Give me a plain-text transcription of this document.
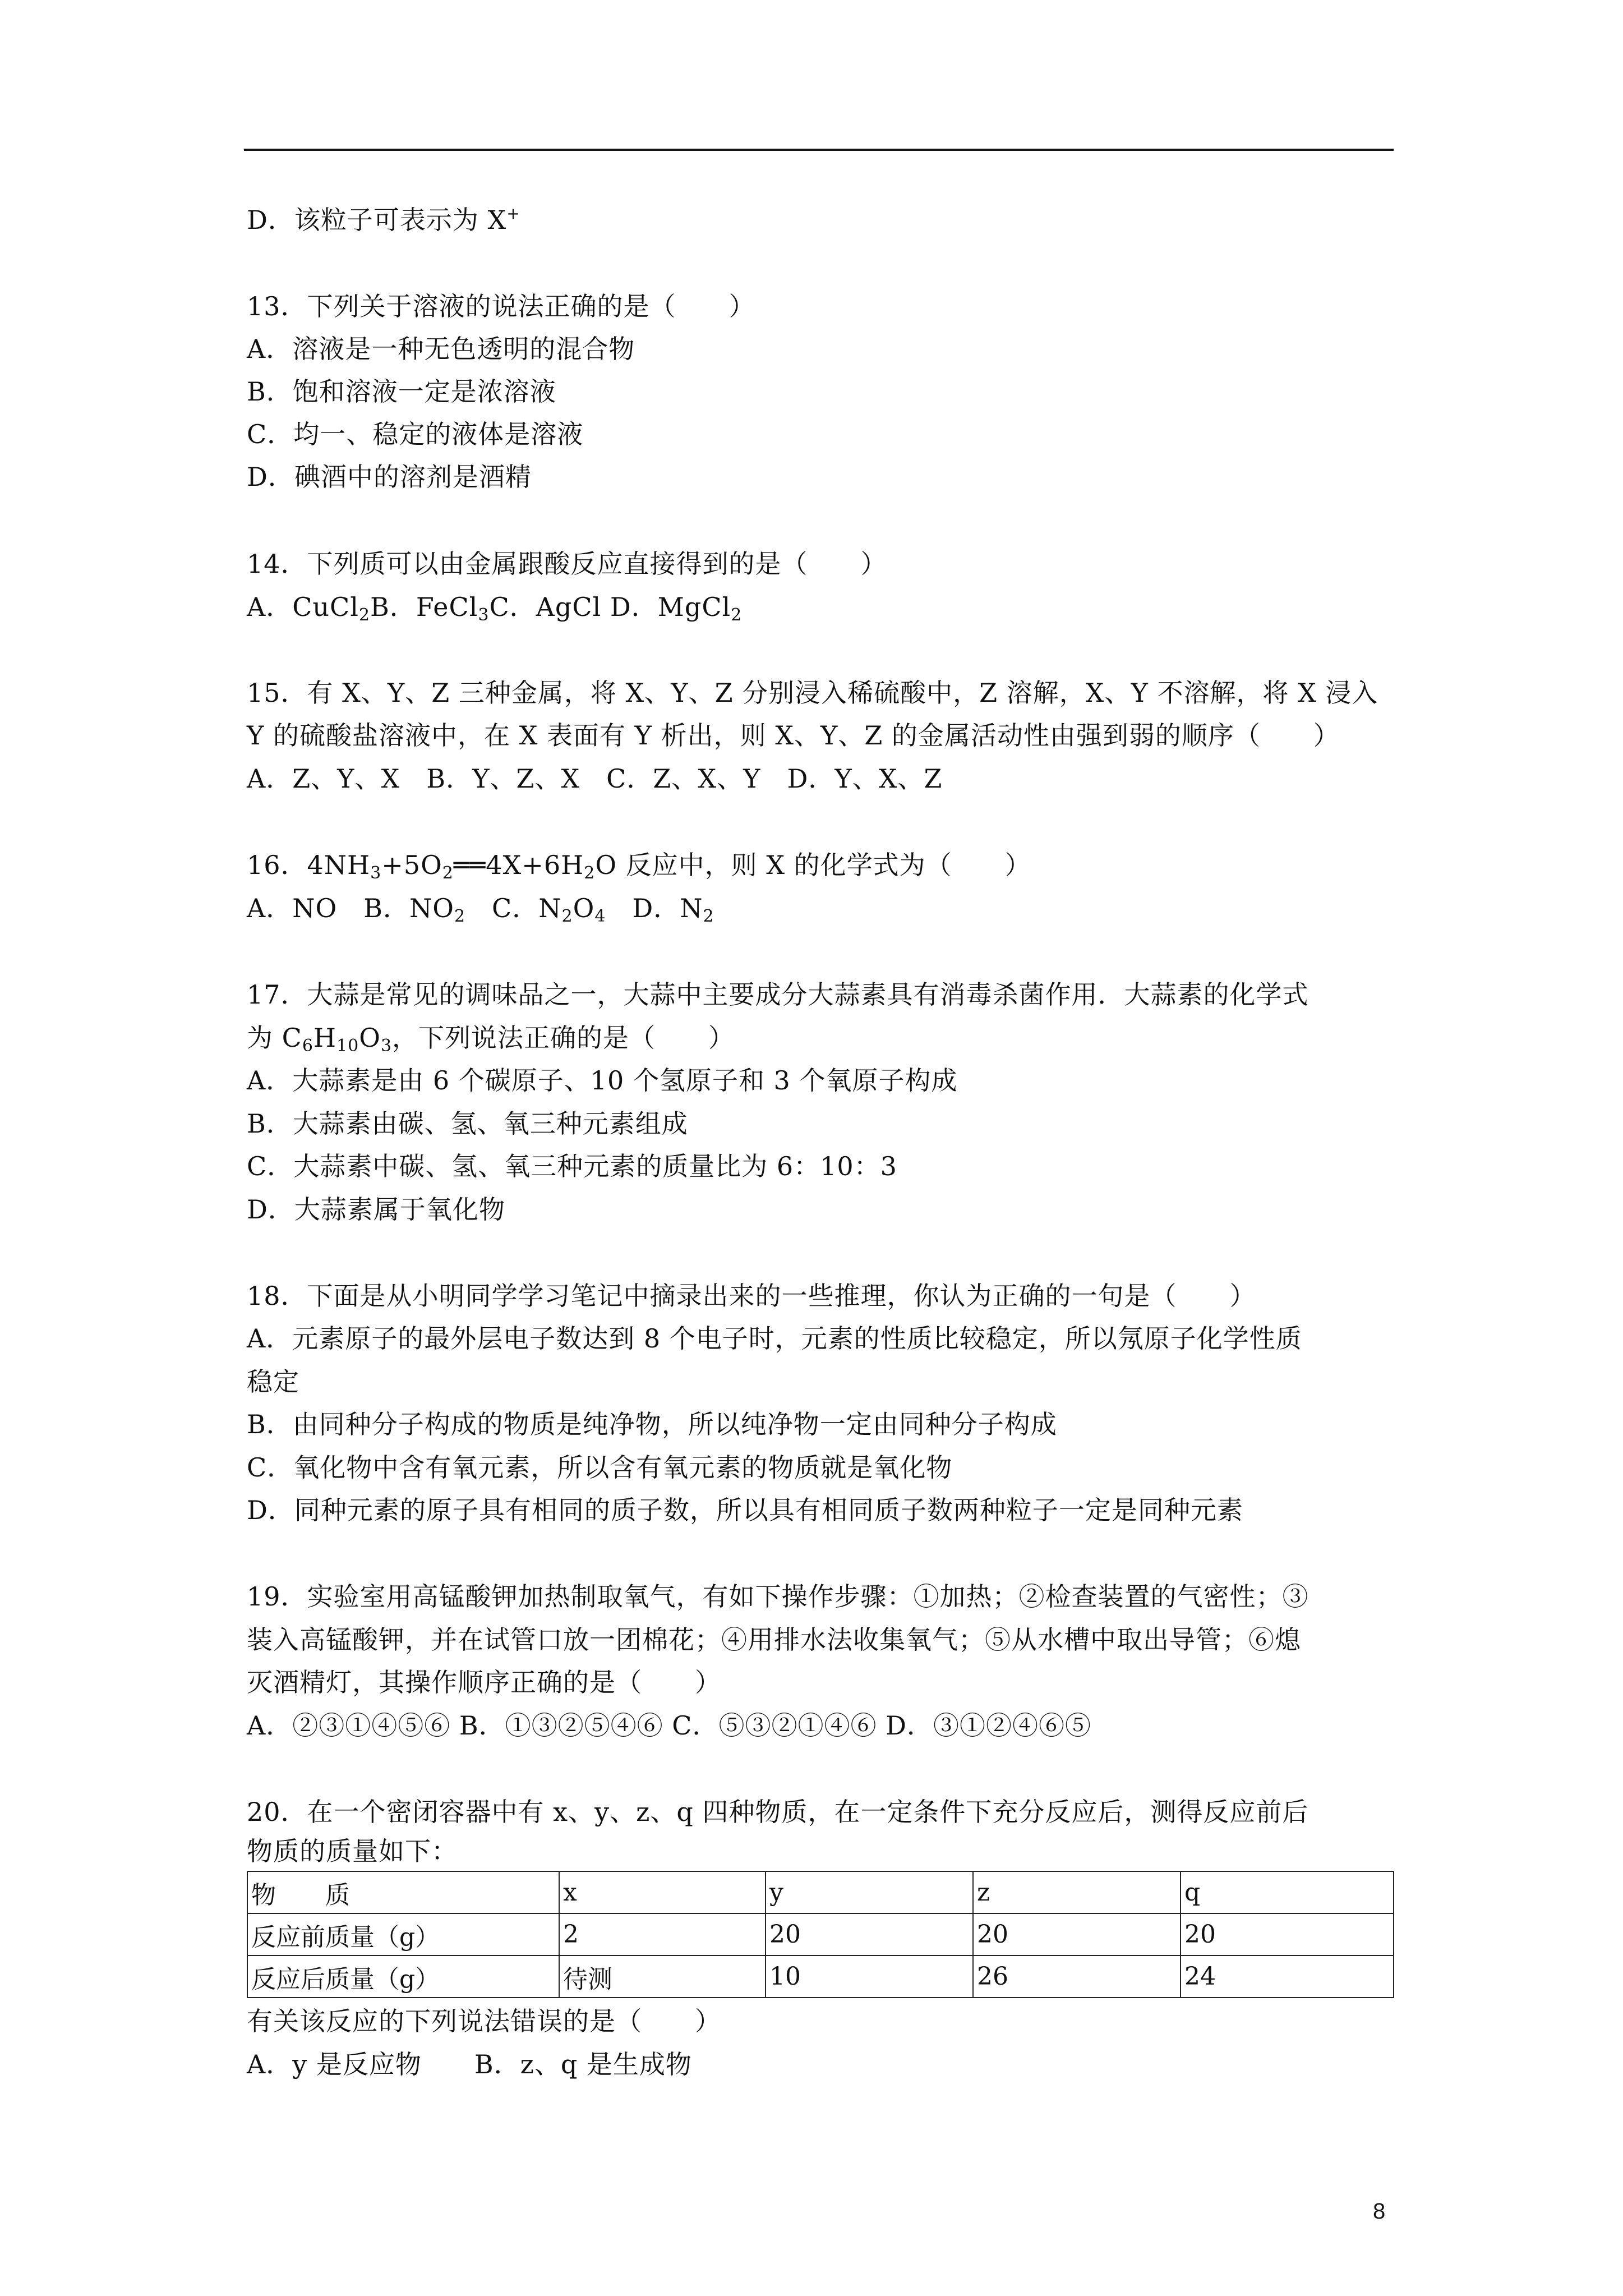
D．该粒子可表示为 X+
13．下列关于溶液的说法正确的是（　　）
A．溶液是一种无色透明的混合物
B．饱和溶液一定是浓溶液
C．均一、稳定的液体是溶液
D．碘酒中的溶剂是酒精
14．下列质可以由金属跟酸反应直接得到的是（　　）
A．CuCl$_2$B．FeCl$_3$C．AgCl D．MgCl$_2$
15．有 X、Y、Z 三种金属，将 X、Y、Z 分别浸入稀硫酸中，Z 溶解，X、Y 不溶解，将 X 浸入
Y 的硫酸盐溶液中，在 X 表面有 Y 析出，则 X、Y、Z 的金属活动性由强到弱的顺序（　　）
A．Z、Y、X　B．Y、Z、X　C．Z、X、Y　D．Y、X、Z
16．$4NH_3+5O_2══4X+6H_2O$ 反应中，则 X 的化学式为（　　）
A．NO　B．$NO_2$　C．$N_2O_4$　D．$N_2$
17．大蒜是常见的调味品之一，大蒜中主要成分大蒜素具有消毒杀菌作用．大蒜素的化学式
为 $C_6H_{10}O_3$，下列说法正确的是（　　）
A．大蒜素是由 6 个碳原子、10 个氢原子和 3 个氧原子构成
B．大蒜素由碳、氢、氧三种元素组成
C．大蒜素中碳、氢、氧三种元素的质量比为 6：10：3
D．大蒜素属于氧化物
18．下面是从小明同学学习笔记中摘录出来的一些推理，你认为正确的一句是（　　）
A．元素原子的最外层电子数达到 8 个电子时，元素的性质比较稳定，所以氖原子化学性质
稳定
B．由同种分子构成的物质是纯净物，所以纯净物一定由同种分子构成
C．氧化物中含有氧元素，所以含有氧元素的物质就是氧化物
D．同种元素的原子具有相同的质子数，所以具有相同质子数两种粒子一定是同种元素
19．实验室用高锰酸钾加热制取氧气，有如下操作步骤：①加热；②检查装置的气密性；③
装入高锰酸钾，并在试管口放一团棉花；④用排水法收集氧气；⑤从水槽中取出导管；⑥熄
灭酒精灯，其操作顺序正确的是（　　）
A．②③①④⑤⑥ B．①③②⑤④⑥ C．⑤③②①④⑥ D．③①②④⑥⑤
20．在一个密闭容器中有 x、y、z、q 四种物质，在一定条件下充分反应后，测得反应前后
物质的质量如下：
物　　质	x	y	z	q
反应前质量（g）	2	20	20	20
反应后质量（g）	待测	10	26	24
有关该反应的下列说法错误的是（　　）
A．y 是反应物　　B．z、q 是生成物
8
